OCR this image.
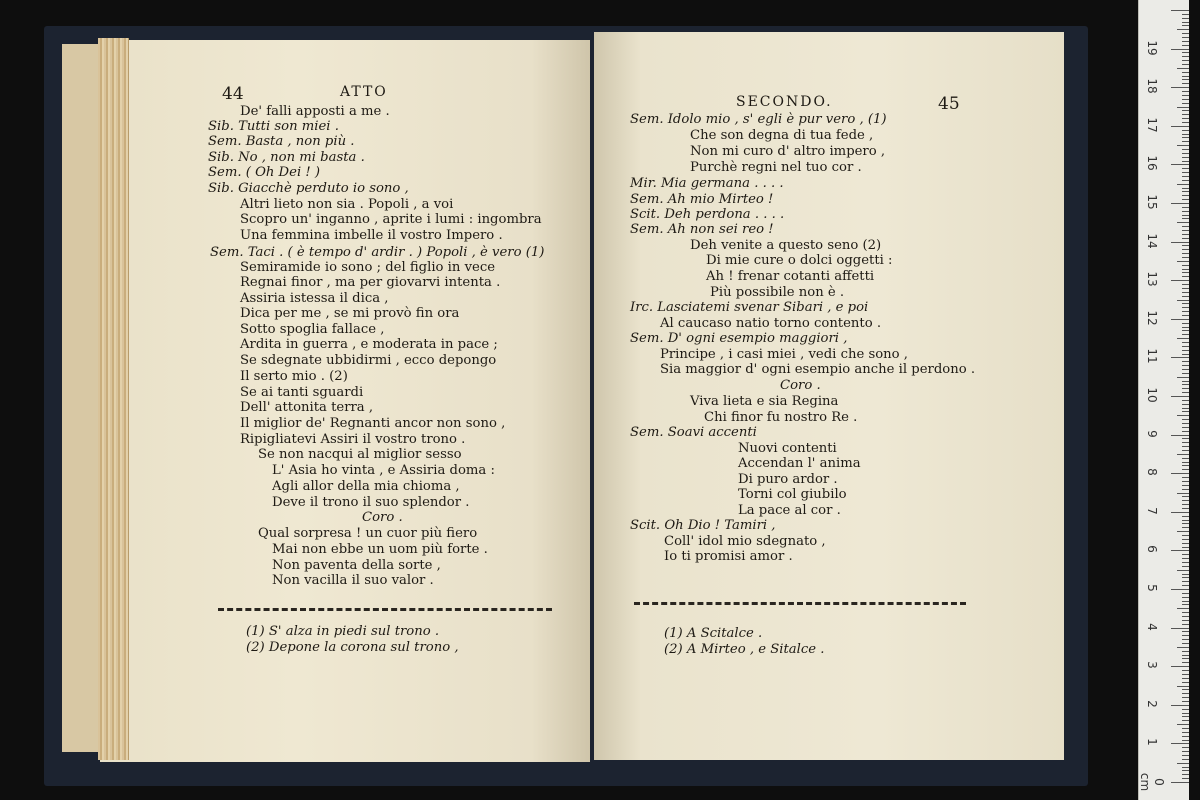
44	ATTO
De' falli apposti a me .
Sib. Tutti son miei .
Sem. Basta , non più .
Sib. No , non mi basta .
Sem. ( Oh Dei ! )
Sib. Giacchè perduto io sono ,
Altri lieto non sia . Popoli , a voi
Scopro un' inganno , aprite i lumi : ingombra
Una femmina imbelle il vostro Impero .
Sem. Taci . ( è tempo d' ardir . ) Popoli , è vero (1)
Semiramide io sono ; del figlio in vece
Regnai finor , ma per giovarvi intenta .
Assiria istessa il dica ,
Dica per me , se mi provò fin ora
Sotto spoglia fallace ,
Ardita in guerra , e moderata in pace ;
Se sdegnate ubbidirmi , ecco depongo
Il serto mio . (2)
Se ai tanti sguardi
Dell' attonita terra ,
Il miglior de' Regnanti ancor non sono ,
Ripigliatevi Assiri il vostro trono .
Se non nacqui al miglior sesso
L' Asia ho vinta , e Assiria doma :
Agli allor della mia chioma ,
Deve il trono il suo splendor .
Coro .
Qual sorpresa ! un cuor più fiero
Mai non ebbe un uom più forte .
Non paventa della sorte ,
Non vacilla il suo valor .
(1) S' alza in piedi sul trono .
(2) Depone la corona sul trono ,
SECONDO.	45
Sem. Idolo mio , s' egli è pur vero , (1)
Che son degna di tua fede ,
Non mi curo d' altro impero ,
Purchè regni nel tuo cor .
Mir. Mia germana . . . .
Sem. Ah mio Mirteo !
Scit. Deh perdona . . . .
Sem. Ah non sei reo !
Deh venite a questo seno (2)
Di mie cure o dolci oggetti :
Ah ! frenar cotanti affetti
Più possibile non è .
Irc. Lasciatemi svenar Sibari , e poi
Al caucaso natio torno contento .
Sem. D' ogni esempio maggiori ,
Principe , i casi miei , vedi che sono ,
Sia maggior d' ogni esempio anche il perdono .
Coro .
Viva lieta e sia Regina
Chi finor fu nostro Re .
Sem. Soavi accenti
Nuovi contenti
Accendan l' anima
Di puro ardor .
Torni col giubilo
La pace al cor .
Scit. Oh Dio ! Tamiri ,
Coll' idol mio sdegnato ,
Io ti promisi amor .
(1) A Scitalce .
(2) A Mirteo , e Sitalce .
0 cm
1
2
3
4
5
6
7
8
9
10
11
12
13
14
15
16
17
18
19
